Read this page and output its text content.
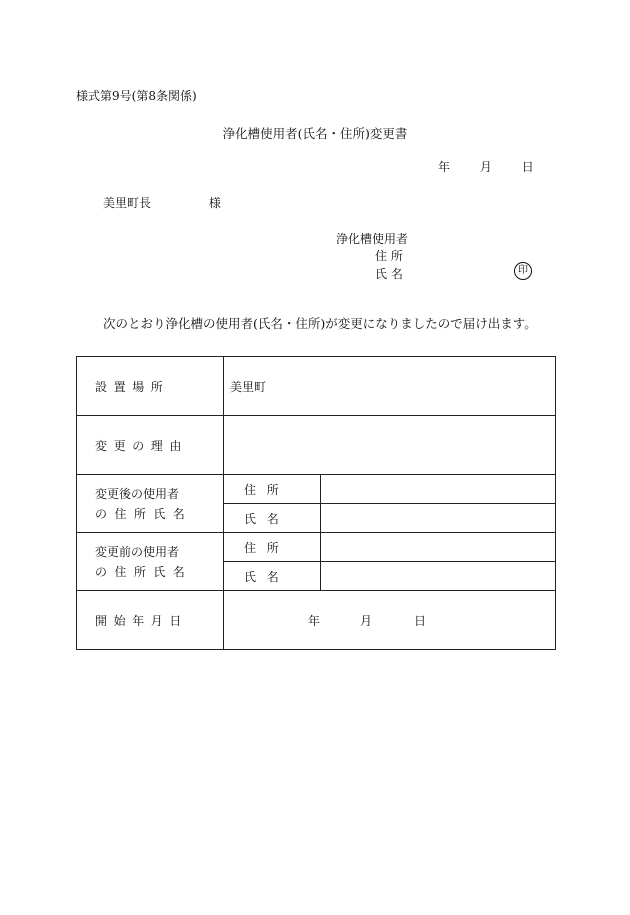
様式第9号(第8条関係)
浄化槽使用者(氏名・住所)変更書
年 月 日
美里町長	様
浄化槽使用者
住 所
氏 名	印
次のとおり浄化槽の使用者(氏名・住所)が変更になりましたので届け出ます。
設置場所	美里町	
変更の理由		

変更後の使用者
の住所氏名	住所	
	氏名	

変更前の使用者
の住所氏名	住所	
	氏名	
開始年月日	年 月 日	
